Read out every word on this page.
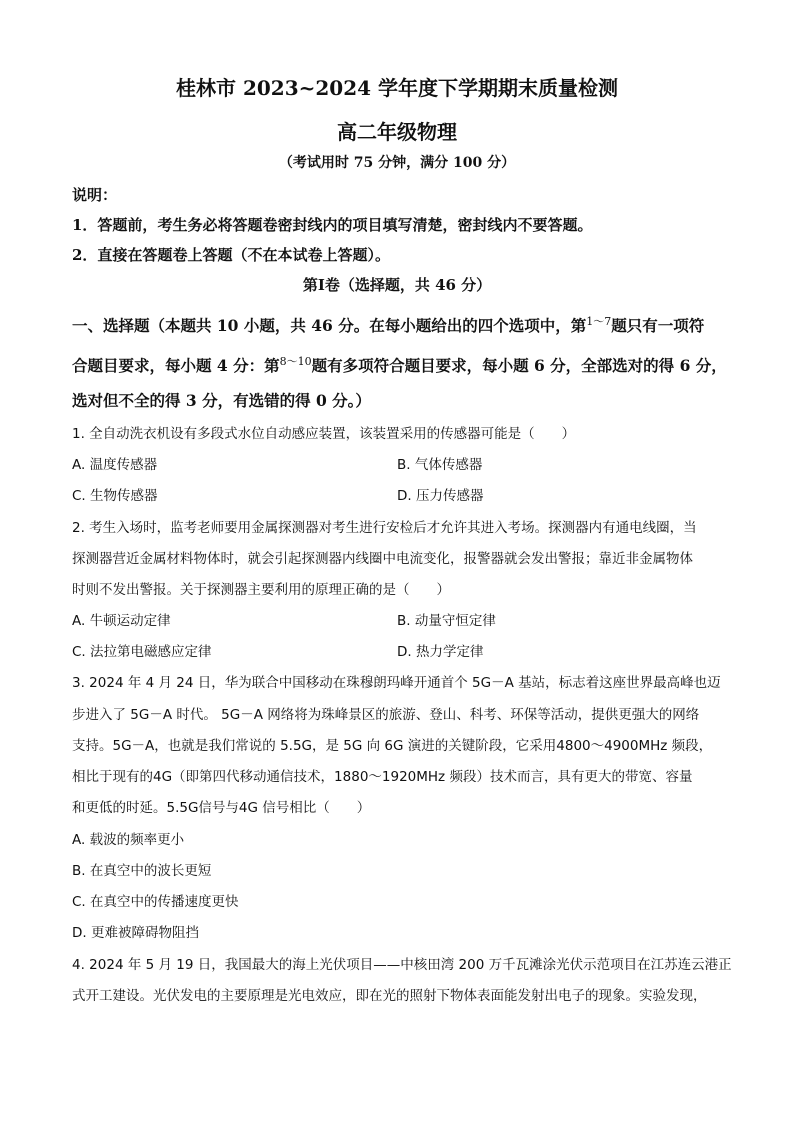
桂林市 2023~2024 学年度下学期期末质量检测
高二年级物理
（考试用时 75 分钟，满分 100 分）
说明：
1．答题前，考生务必将答题卷密封线内的项目填写清楚，密封线内不要答题。
2．直接在答题卷上答题（不在本试卷上答题）。
第Ⅰ卷（选择题，共 46 分）
一、选择题（本题共 10 小题，共 46 分。在每小题给出的四个选项中，第$^{1\sim 7}$题只有一项符
合题目要求，每小题 4 分：第$^{8\sim 10}$题有多项符合题目要求，每小题 6 分，全部选对的得 6 分，
选对但不全的得 3 分，有选错的得 0 分。）
1. 全自动洗衣机设有多段式水位自动感应装置，该装置采用的传感器可能是（　　）
A. 温度传感器	B. 气体传感器
C. 生物传感器	D. 压力传感器
2. 考生入场时，监考老师要用金属探测器对考生进行安检后才允许其进入考场。探测器内有通电线圈，当
探测器营近金属材料物体时，就会引起探测器内线圈中电流变化，报警器就会发出警报；靠近非金属物体
时则不发出警报。关于探测器主要利用的原理正确的是（　　）
A. 牛顿运动定律	B. 动量守恒定律
C. 法拉第电磁感应定律	D. 热力学定律
3. 2024 年 4 月 24 日，华为联合中国移动在珠穆朗玛峰开通首个 5G－A 基站，标志着这座世界最高峰也迈
步进入了 5G－A 时代。 5G－A 网络将为珠峰景区的旅游、登山、科考、环保等活动，提供更强大的网络
支持。5G－A，也就是我们常说的 5.5G，是 5G 向 6G 演进的关键阶段，它采用4800～4900MHz 频段，
相比于现有的4G（即第四代移动通信技术，1880～1920MHz 频段）技术而言，具有更大的带宽、容量
和更低的时延。5.5G信号与4G 信号相比（　　）
A. 载波的频率更小
B. 在真空中的波长更短
C. 在真空中的传播速度更快
D. 更难被障碍物阻挡
4. 2024 年 5 月 19 日，我国最大的海上光伏项目——中核田湾 200 万千瓦滩涂光伏示范项目在江苏连云港正
式开工建设。光伏发电的主要原理是光电效应，即在光的照射下物体表面能发射出电子的现象。实验发现，
